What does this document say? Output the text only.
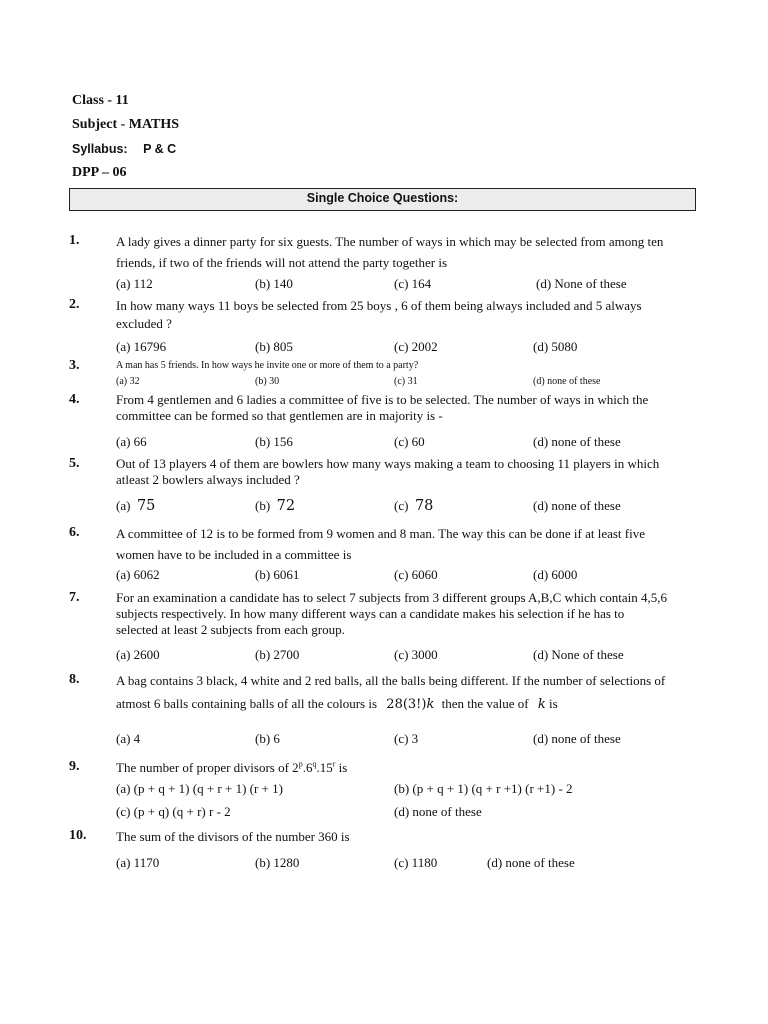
Class - 11
Subject - MATHS
Syllabus: P & C
DPP – 06
Single Choice Questions:
1.	A lady gives a dinner party for six guests. The number of ways in which may be selected from among ten
friends, if two of the friends will not attend the party together is
(a) 112	(b) 140	(c) 164	(d) None of these
2.	In how many ways 11 boys be selected from 25 boys , 6 of them being always included and 5 always
excluded ?
(a) 16796	(b) 805	(c) 2002	(d) 5080
3.	A man has 5 friends. In how ways he invite one or more of them to a party?
(a) 32	(b) 30	(c) 31	(d) none of these
4.	From 4 gentlemen and 6 ladies a committee of five is to be selected. The number of ways in which the
committee can be formed so that gentlemen are in majority is -
(a) 66	(b) 156	(c) 60	(d) none of these
5.	Out of 13 players 4 of them are bowlers how many ways making a team to choosing 11 players in which
atleast 2 bowlers always included ?
(a) 75	(b) 72	(c) 78	(d) none of these
6.	A committee of 12 is to be formed from 9 women and 8 man. The way this can be done if at least five
women have to be included in a committee is
(a) 6062	(b) 6061	(c) 6060	(d) 6000
7.	For an examination a candidate has to select 7 subjects from 3 different groups A,B,C which contain 4,5,6
subjects respectively. In how many different ways can a candidate makes his selection if he has to
selected at least 2 subjects from each group.
(a) 2600	(b) 2700	(c) 3000	(d) None of these
8.	A bag contains 3 black, 4 white and 2 red balls, all the balls being different. If the number of selections of
atmost 6 balls containing balls of all the colours is 28(3!)k then the value of k is
(a) 4	(b) 6	(c) 3	(d) none of these
9.	The number of proper divisors of 2$^p$.6$^q$.15$^r$ is
(a) (p + q + 1) (q + r + 1) (r + 1)	(b) (p + q + 1) (q + r +1) (r +1) - 2
(c) (p + q) (q + r) r - 2	(d) none of these
10. The sum of the divisors of the number 360 is
(a) 1170	(b) 1280	(c) 1180	(d) none of these
